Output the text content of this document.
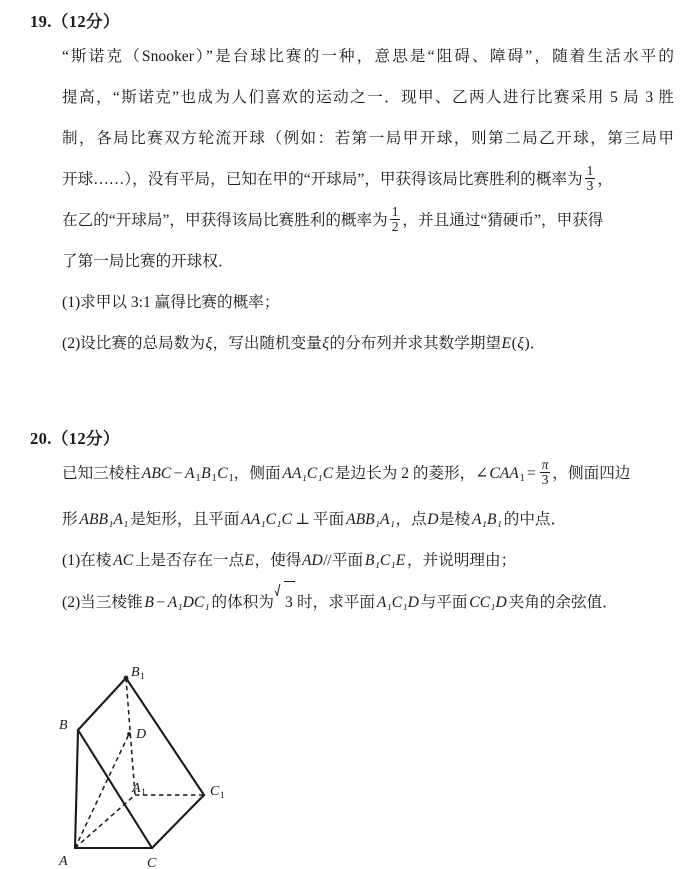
19.（12分）
“斯诺克（Snooker）”是台球比赛的一种，意思是“阻碍、障碍”，随着生活水平的
提高，“斯诺克”也成为人们喜欢的运动之一．现甲、乙两人进行比赛采用 5 局 3 胜
制，各局比赛双方轮流开球（例如：若第一局甲开球，则第二局乙开球，第三局甲
开球……），没有平局，已知在甲的“开球局”，甲获得该局比赛胜利的概率为 $\frac{1}{3}$ ，
在乙的“开球局”，甲获得该局比赛胜利的概率为 $\frac{1}{2}$ ，并且通过“猜硬币”，甲获得
了第一局比赛的开球权．
(1)求甲以 3:1 赢得比赛的概率；
(2)设比赛的总局数为ξ，写出随机变量ξ的分布列并求其数学期望E(ξ)．
20.（12分）
已知三棱柱  ABC − $A_1B_1C_1$，侧面  AA₁C₁C  是边长为 2 的菱形，$\angle CAA_1 = \frac{\pi}{3}$ ，侧面四边
形  ABB₁A₁  是矩形，且平面  AA₁C₁C ⊥ 平面  ABB₁A₁，点D是棱  A₁B₁  的中点．
(1)在棱  AC  上是否存在一点E，使得AD//平面  B₁C₁E  ，并说明理由；
(2)当三棱锥  B − A₁DC₁  的体积为 3  时，求平面  A₁C₁D  与平面  CC₁D  夹角的余弦值．
A
B
C
$A_1$
$B_1$
$C_1$
D
